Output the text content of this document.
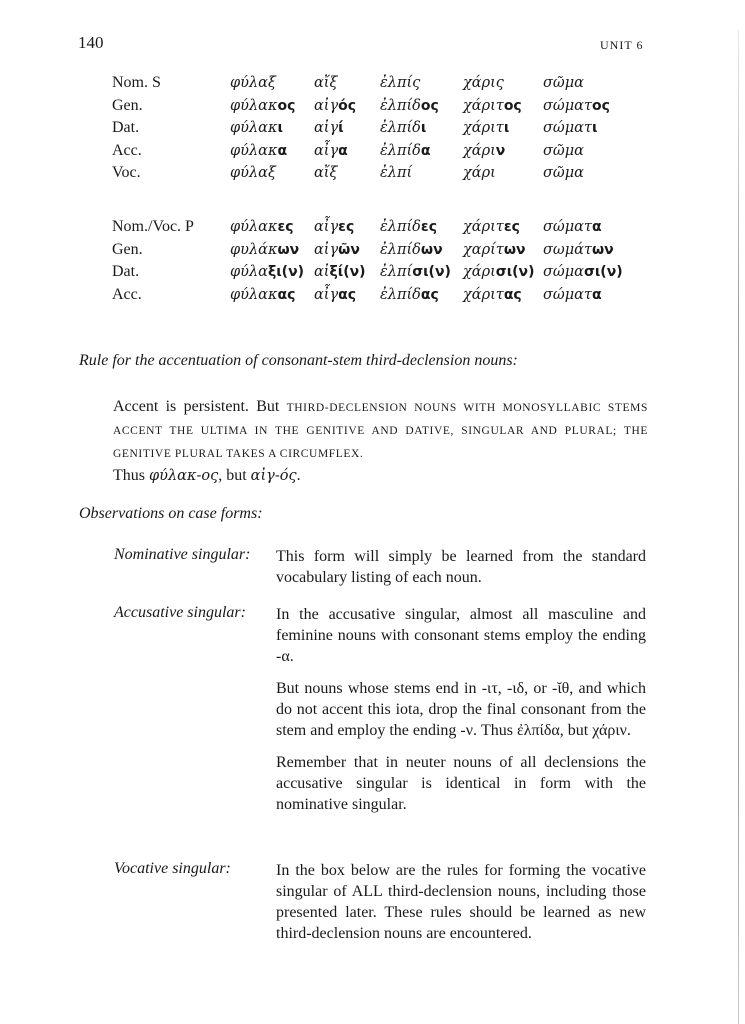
140	UNIT 6
Nom. S	φύλαξ	αἴξ	ἐλπίς	χάρις	σῶμα
Gen.	φύλακος	αἰγός	ἐλπίδος	χάριτος	σώματος
Dat.	φύλακι	αἰγί	ἐλπίδι	χάριτι	σώματι
Acc.	φύλακα	αἶγα	ἐλπίδα	χάριν	σῶμα
Voc.	φύλαξ	αἴξ	ἐλπί	χάρι	σῶμα
Nom./Voc. P	φύλακες	αἶγες	ἐλπίδες	χάριτες	σώματα
Gen.	φυλάκων	αἰγῶν	ἐλπίδων	χαρίτων	σωμάτων
Dat.	φύλαξι(ν)	αἰξί(ν)	ἐλπίσι(ν)	χάρισι(ν)	σώμασι(ν)
Acc.	φύλακας	αἶγας	ἐλπίδας	χάριτας	σώματα
Rule for the accentuation of consonant-stem third-declension nouns:
Accent is persistent. But THIRD-DECLENSION NOUNS WITH MONOSYLLABIC STEMS ACCENT THE ULTIMA IN THE GENITIVE AND DATIVE, SINGULAR AND PLURAL; THE GENITIVE PLURAL TAKES A CIRCUMFLEX.
Thus φύλακ-ος, but αἰγ-ός.
Observations on case forms:
Nominative singular: This form will simply be learned from the standard vocabulary listing of each noun.

Accusative singular: In the accusative singular, almost all masculine and feminine nouns with consonant stems employ the ending -α.

But nouns whose stems end in -ιτ, -ιδ, or -ῐθ, and which do not accent this iota, drop the final consonant from the stem and employ the ending -ν. Thus ἐλπίδα, but χάριν.

Remember that in neuter nouns of all declensions the accusative singular is identical in form with the nominative singular.

Vocative singular:	In the box below are the rules for forming the vocative singular of ALL third-declension nouns, including those presented later. These rules should be learned as new third-declension nouns are encountered.
